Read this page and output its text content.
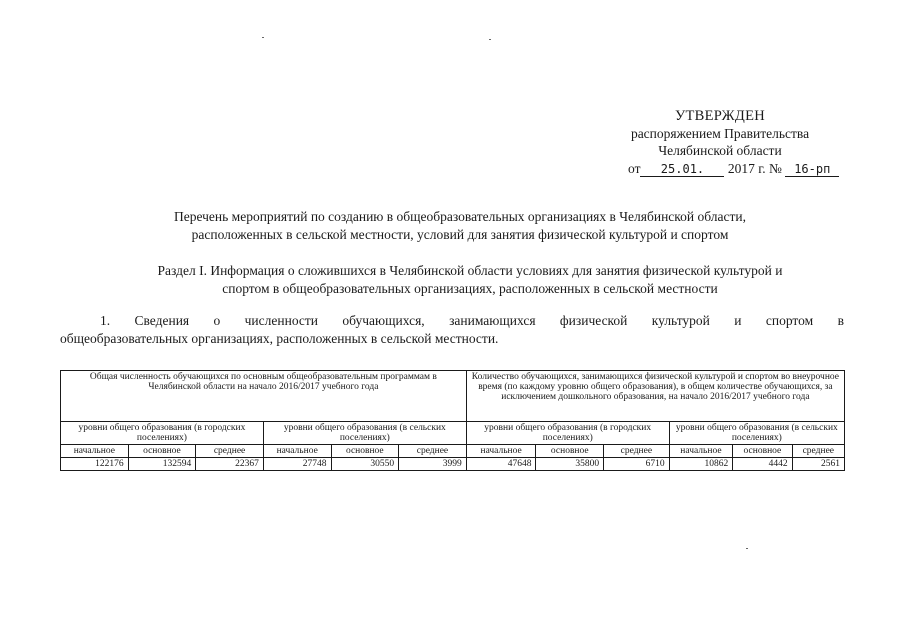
УТВЕРЖДЕН
распоряжением Правительства
Челябинской области
от 25.01. 2017 г. № 16-рп
Перечень мероприятий по созданию в общеобразовательных организациях в Челябинской области,
расположенных в сельской местности, условий для занятия физической культурой и спортом
Раздел I. Информация о сложившихся в Челябинской области условиях для занятия физической культурой и
спортом в общеобразовательных организациях, расположенных в сельской местности
1. Сведения о численности обучающихся, занимающихся физической культурой и спортом в
общеобразовательных организациях, расположенных в сельской местности.
Общая численность обучающихся по основным общеобразовательным программам в Челябинской области на начало 2016/2017 учебного года						Количество обучающихся, занимающихся физической культурой и спортом во внеурочное время (по каждому уровню общего образования), в общем количестве обучающихся, за исключением дошкольного образования, на начало 2016/2017 учебного года					
уровни общего образования (в городских поселениях)			уровни общего образования (в сельских поселениях)			уровни общего образования (в городских поселениях)			уровни общего образования (в сельских поселениях)		
начальное	основное	среднее	начальное	основное	среднее	начальное	основное	среднее	начальное	основное	среднее
122176	132594	22367	27748	30550	3999	47648	35800	6710	10862	4442	2561
